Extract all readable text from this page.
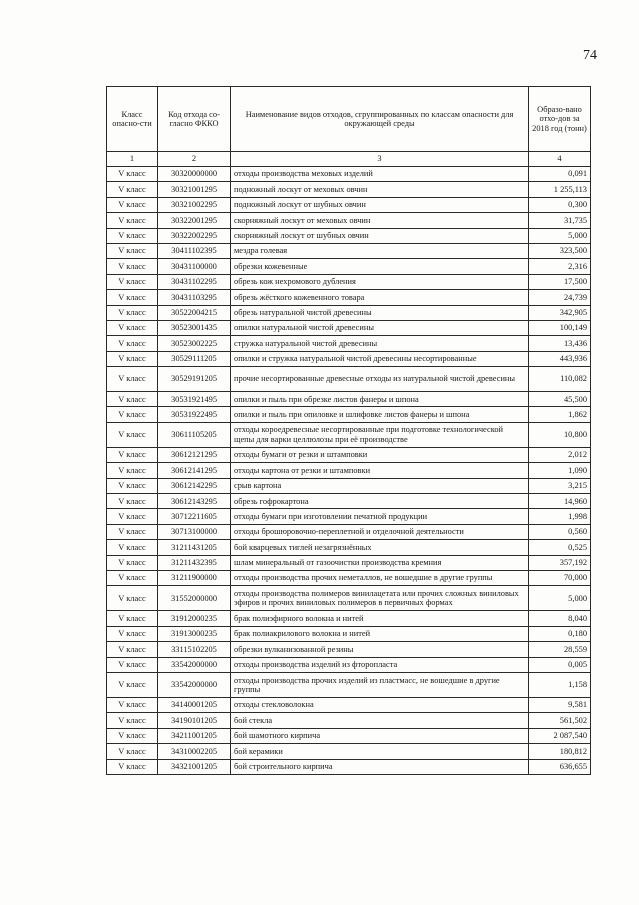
74
Класс опасно-сти	Код отхода со-гласно ФККО	Наименование видов отходов, сгруппированных по классам опасности для окружающей среды	Образо-вано отхо-дов за 2018 год (тонн)
1	2	3	4
V класс	30320000000	отходы производства меховых изделий	0,091
V класс	30321001295	подножный лоскут от меховых овчин	1 255,113
V класс	30321002295	подножный лоскут от шубных овчин	0,300
V класс	30322001295	скорняжный лоскут от меховых овчин	31,735
V класс	30322002295	скорняжный лоскут от шубных овчин	5,000
V класс	30411102395	мездра голевая	323,500
V класс	30431100000	обрезки кожевенные	2,316
V класс	30431102295	обрезь кож нехромового дубления	17,500
V класс	30431103295	обрезь жёсткого кожевенного товара	24,739
V класс	30522004215	обрезь натуральной чистой древесины	342,905
V класс	30523001435	опилки натуральной чистой древесины	100,149
V класс	30523002225	стружка натуральной чистой древесины	13,436
V класс	30529111205	опилки и стружка натуральной чистой древесины несортированные	443,936
V класс	30529191205	прочие несортированные древесные отходы из натуральной чистой древесины	110,082
V класс	30531921495	опилки и пыль при обрезке листов фанеры и шпона	45,500
V класс	30531922495	опилки и пыль при опиловке и шлифовке листов фанеры и шпона	1,862
V класс	30611105205	отходы короедревесные несортированные при подготовке технологической щепы для варки целлюлозы при её производстве	10,800
V класс	30612121295	отходы бумаги от резки и штамповки	2,012
V класс	30612141295	отходы картона от резки и штамповки	1,090
V класс	30612142295	срыв картона	3,215
V класс	30612143295	обрезь гофрокартона	14,960
V класс	30712211605	отходы бумаги при изготовлении печатной продукции	1,998
V класс	30713100000	отходы брошюровочно-переплетной и отделочной деятельности	0,560
V класс	31211431205	бой кварцевых тиглей незагрязнённых	0,525
V класс	31211432395	шлам минеральный от газоочистки производства кремния	357,192
V класс	31211900000	отходы производства прочих неметаллов, не вошедшие в другие группы	70,000
V класс	31552000000	отходы производства полимеров винилацетата или прочих сложных виниловых эфиров и прочих виниловых полимеров в первичных формах	5,000
V класс	31912000235	брак полиэфирного волокна и нитей	8,040
V класс	31913000235	брак полиакрилового волокна и нитей	0,180
V класс	33115102205	обрезки вулканизованной резины	28,559
V класс	33542000000	отходы производства изделий из фторопласта	0,005
V класс	33542000000	отходы производства прочих изделий из пластмасс, не вошедшие в другие группы	1,158
V класс	34140001205	отходы стекловолокна	9,581
V класс	34190101205	бой стекла	561,502
V класс	34211001205	бой шамотного кирпича	2 087,540
V класс	34310002205	бой керамики	180,812
V класс	34321001205	бой строительного кирпича	636,655
